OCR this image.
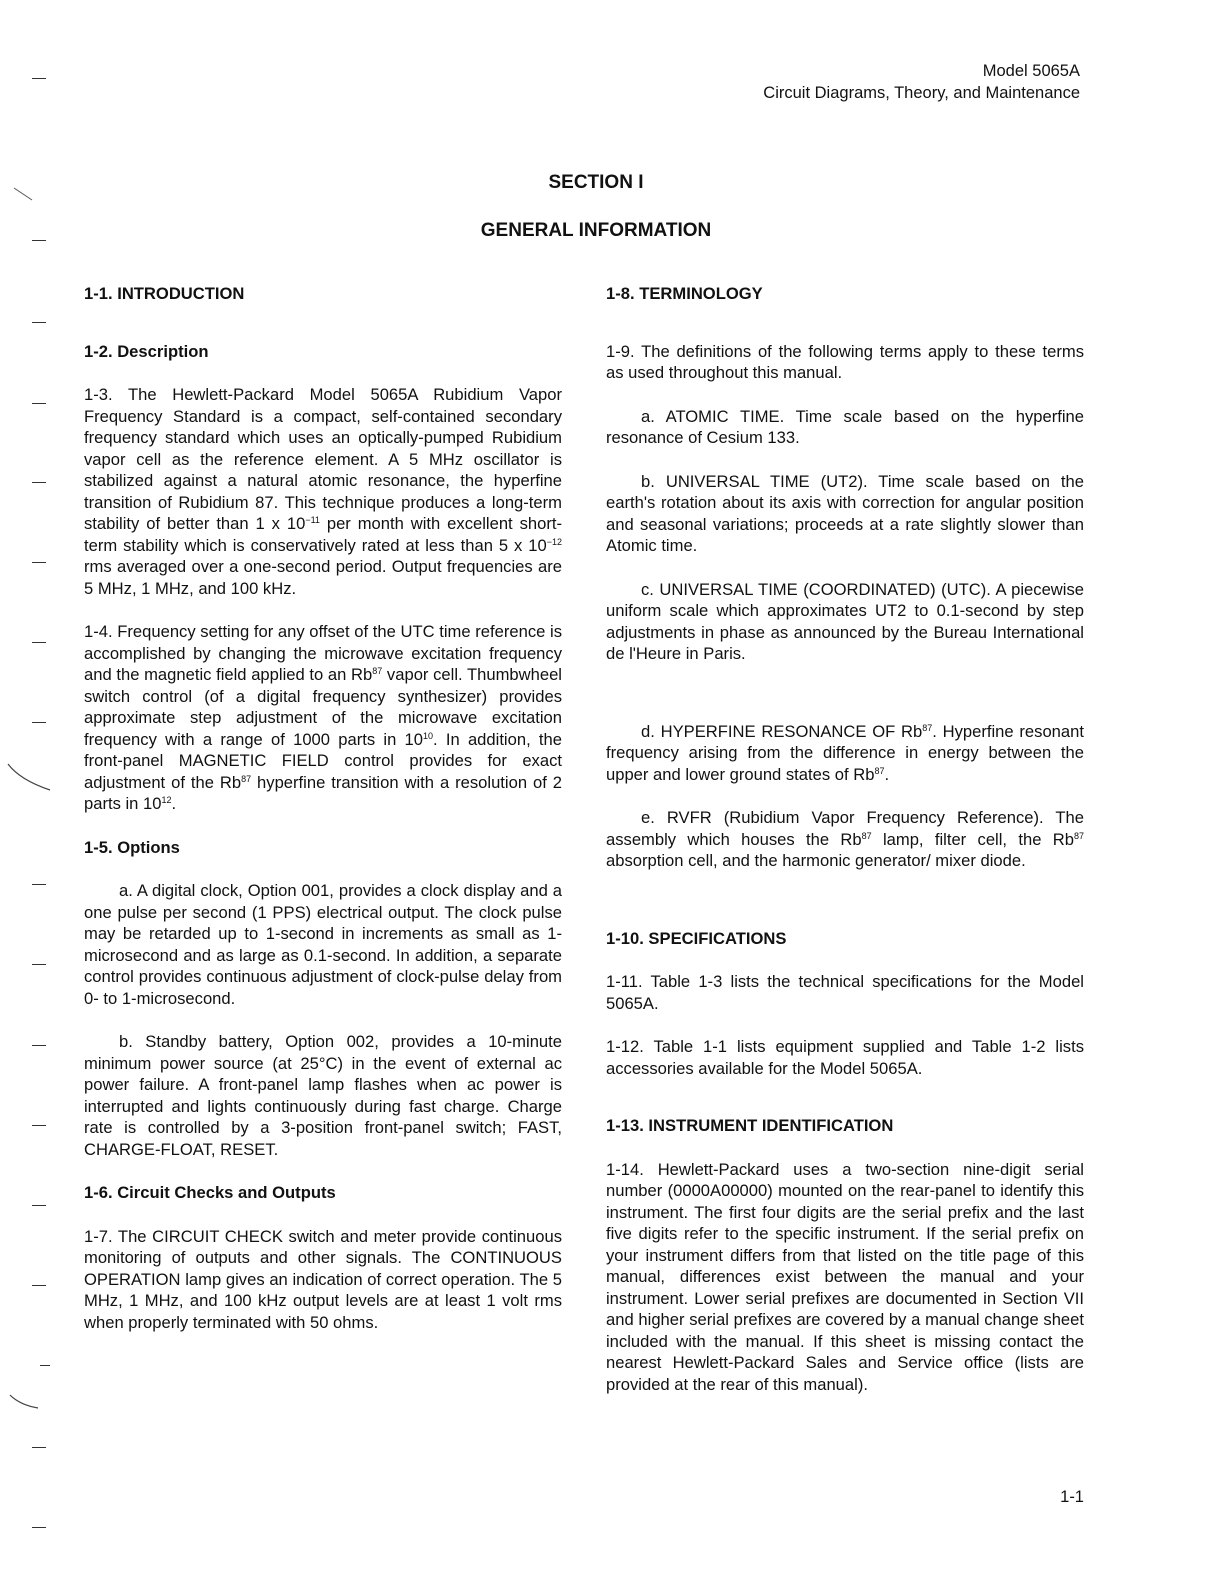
Model 5065A
Circuit Diagrams, Theory, and Maintenance
SECTION I
GENERAL INFORMATION
1-1. INTRODUCTION
1-2. Description

1-3. The Hewlett-Packard Model 5065A Rubidium Vapor Frequency Standard is a compact, self-contained secondary frequency standard which uses an optically-pumped Rubidium vapor cell as the reference element. A 5 MHz oscillator is stabilized against a natural atomic resonance, the hyperfine transition of Rubidium 87. This technique produces a long-term stability of better than 1 x $10^{-11}$ per month with excellent short-term stability which is conservatively rated at less than 5 x $10^{-12}$ rms averaged over a one-second period. Output frequencies are 5 MHz, 1 MHz, and 100 kHz.

1-4. Frequency setting for any offset of the UTC time reference is accomplished by changing the microwave excitation frequency and the magnetic field applied to an Rb$^{87}$ vapor cell. Thumbwheel switch control (of a digital frequency synthesizer) provides approximate step adjustment of the microwave excitation frequency with a range of 1000 parts in $10^{10}$. In addition, the front-panel MAGNETIC FIELD control provides for exact adjustment of the Rb$^{87}$ hyperfine transition with a resolution of 2 parts in $10^{12}$.

1-5. Options

a. A digital clock, Option 001, provides a clock display and a one pulse per second (1 PPS) electrical output. The clock pulse may be retarded up to 1-second in increments as small as 1-microsecond and as large as 0.1-second. In addition, a separate control provides continuous adjustment of clock-pulse delay from 0- to 1-microsecond.

b. Standby battery, Option 002, provides a 10-minute minimum power source (at 25°C) in the event of external ac power failure. A front-panel lamp flashes when ac power is interrupted and lights continuously during fast charge. Charge rate is controlled by a 3-position front-panel switch; FAST, CHARGE-FLOAT, RESET.

1-6. Circuit Checks and Outputs

1-7. The CIRCUIT CHECK switch and meter provide continuous monitoring of outputs and other signals. The CONTINUOUS OPERATION lamp gives an indication of correct operation. The 5 MHz, 1 MHz, and 100 kHz output levels are at least 1 volt rms when properly terminated with 50 ohms.

1-8. TERMINOLOGY

1-9. The definitions of the following terms apply to these terms as used throughout this manual.

a. ATOMIC TIME. Time scale based on the hyperfine resonance of Cesium 133.

b. UNIVERSAL TIME (UT2). Time scale based on the earth's rotation about its axis with correction for angular position and seasonal variations; proceeds at a rate slightly slower than Atomic time.

c. UNIVERSAL TIME (COORDINATED) (UTC). A piecewise uniform scale which approximates UT2 to 0.1-second by step adjustments in phase as announced by the Bureau International de l'Heure in Paris.

d. HYPERFINE RESONANCE OF Rb$^{87}$. Hyperfine resonant frequency arising from the difference in energy between the upper and lower ground states of Rb$^{87}$.

e. RVFR (Rubidium Vapor Frequency Reference). The assembly which houses the Rb$^{87}$ lamp, filter cell, the Rb$^{87}$ absorption cell, and the harmonic generator/ mixer diode.

1-10. SPECIFICATIONS

1-11. Table 1-3 lists the technical specifications for the Model 5065A.

1-12. Table 1-1 lists equipment supplied and Table 1-2 lists accessories available for the Model 5065A.

1-13. INSTRUMENT IDENTIFICATION

1-14. Hewlett-Packard uses a two-section nine-digit serial number (0000A00000) mounted on the rear-panel to identify this instrument. The first four digits are the serial prefix and the last five digits refer to the specific instrument. If the serial prefix on your instrument differs from that listed on the title page of this manual, differences exist between the manual and your instrument. Lower serial prefixes are documented in Section VII and higher serial prefixes are covered by a manual change sheet included with the manual. If this sheet is missing contact the nearest Hewlett-Packard Sales and Service office (lists are provided at the rear of this manual).

1-1
